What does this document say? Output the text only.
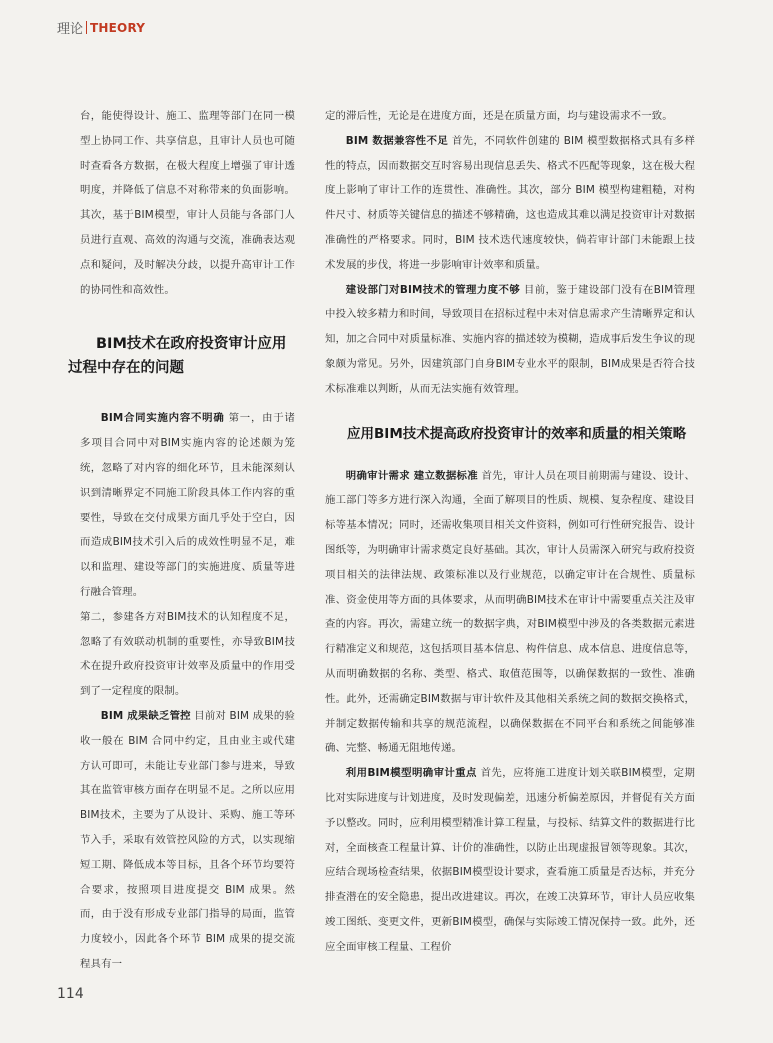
理论 THEORY

台，能使得设计、施工、监理等部门在同一模型上协同工作、共享信息，且审计人员也可随时查看各方数据，在极大程度上增强了审计透明度，并降低了信息不对称带来的负面影响。其次，基于BIM模型，审计人员能与各部门人员进行直观、高效的沟通与交流，准确表达观点和疑问，及时解决分歧，以提升高审计工作的协同性和高效性。

BIM技术在政府投资审计应用
过程中存在的问题

BIM合同实施内容不明确 第一，由于诸多项目合同中对BIM实施内容的论述颇为笼统，忽略了对内容的细化环节，且未能深刻认识到清晰界定不同施工阶段具体工作内容的重要性，导致在交付成果方面几乎处于空白，因而造成BIM技术引入后的成效性明显不足，难以和监理、建设等部门的实施进度、质量等进行融合管理。

第二，参建各方对BIM技术的认知程度不足，忽略了有效联动机制的重要性，亦导致BIM技术在提升政府投资审计效率及质量中的作用受到了一定程度的限制。

BIM 成果缺乏管控 目前对 BIM 成果的验收一般在 BIM 合同中约定，且由业主或代建方认可即可，未能让专业部门参与进来，导致其在监管审核方面存在明显不足。之所以应用BIM技术，主要为了从设计、采购、施工等环节入手，采取有效管控风险的方式，以实现缩短工期、降低成本等目标，且各个环节均要符合要求，按照项目进度提交 BIM 成果。然而，由于没有形成专业部门指导的局面，监管力度较小，因此各个环节 BIM 成果的提交流程具有一

定的滞后性，无论是在进度方面，还是在质量方面，均与建设需求不一致。

BIM 数据兼容性不足 首先，不同软件创建的 BIM 模型数据格式具有多样性的特点，因而数据交互时容易出现信息丢失、格式不匹配等现象，这在极大程度上影响了审计工作的连贯性、准确性。其次，部分 BIM 模型构建粗糙，对构件尺寸、材质等关键信息的描述不够精确，这也造成其难以满足投资审计对数据准确性的严格要求。同时，BIM 技术迭代速度较快，倘若审计部门未能跟上技术发展的步伐，将进一步影响审计效率和质量。

建设部门对BIM技术的管理力度不够 目前，鉴于建设部门没有在BIM管理中投入较多精力和时间，导致项目在招标过程中未对信息需求产生清晰界定和认知，加之合同中对质量标准、实施内容的描述较为模糊，造成事后发生争议的现象颇为常见。另外，因建筑部门自身BIM专业水平的限制，BIM成果是否符合技术标准难以判断，从而无法实施有效管理。

应用BIM技术提高政府投资审计的效率和质量的相关策略

明确审计需求 建立数据标准 首先，审计人员在项目前期需与建设、设计、施工部门等多方进行深入沟通，全面了解项目的性质、规模、复杂程度、建设目标等基本情况；同时，还需收集项目相关文件资料，例如可行性研究报告、设计图纸等，为明确审计需求奠定良好基础。其次，审计人员需深入研究与政府投资项目相关的法律法规、政策标准以及行业规范，以确定审计在合规性、质量标准、资金使用等方面的具体要求，从而明确BIM技术在审计中需要重点关注及审查的内容。再次，需建立统一的数据字典，对BIM模型中涉及的各类数据元素进行精准定义和规范，这包括项目基本信息、构件信息、成本信息、进度信息等，从而明确数据的名称、类型、格式、取值范围等，以确保数据的一致性、准确性。此外，还需确定BIM数据与审计软件及其他相关系统之间的数据交换格式，并制定数据传输和共享的规范流程，以确保数据在不同平台和系统之间能够准确、完整、畅通无阻地传递。

利用BIM模型明确审计重点 首先，应将施工进度计划关联BIM模型，定期比对实际进度与计划进度，及时发现偏差，迅速分析偏差原因，并督促有关方面予以整改。同时，应利用模型精准计算工程量，与投标、结算文件的数据进行比对，全面核查工程量计算、计价的准确性，以防止出现虚报冒领等现象。其次，应结合现场检查结果，依据BIM模型设计要求，查看施工质量是否达标，并充分排查潜在的安全隐患，提出改进建议。再次，在竣工决算环节，审计人员应收集竣工图纸、变更文件，更新BIM模型，确保与实际竣工情况保持一致。此外，还应全面审核工程量、工程价

114
